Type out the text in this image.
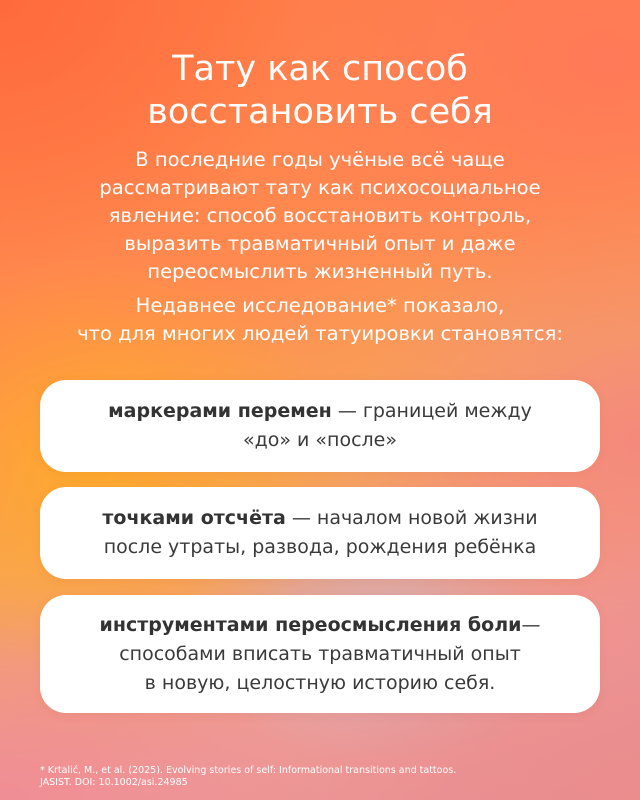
Тату как способ
восстановить себя

В последние годы учёные всё чаще
рассматривают тату как психосоциальное
явление: способ восстановить контроль,
выразить травматичный опыт и даже
переосмыслить жизненный путь.

Недавнее исследование* показало,
что для многих людей татуировки становятся:

маркерами перемен — границей между
«до» и «после»
точками отсчёта — началом новой жизни
после утраты, развода, рождения ребёнка
инструментами переосмысления боли—
способами вписать травматичный опыт
в новую, целостную историю себя.

* Krtalić, M., et al. (2025). Evolving stories of self: Informational transitions and tattoos.
JASIST. DOI: 10.1002/asi.24985
